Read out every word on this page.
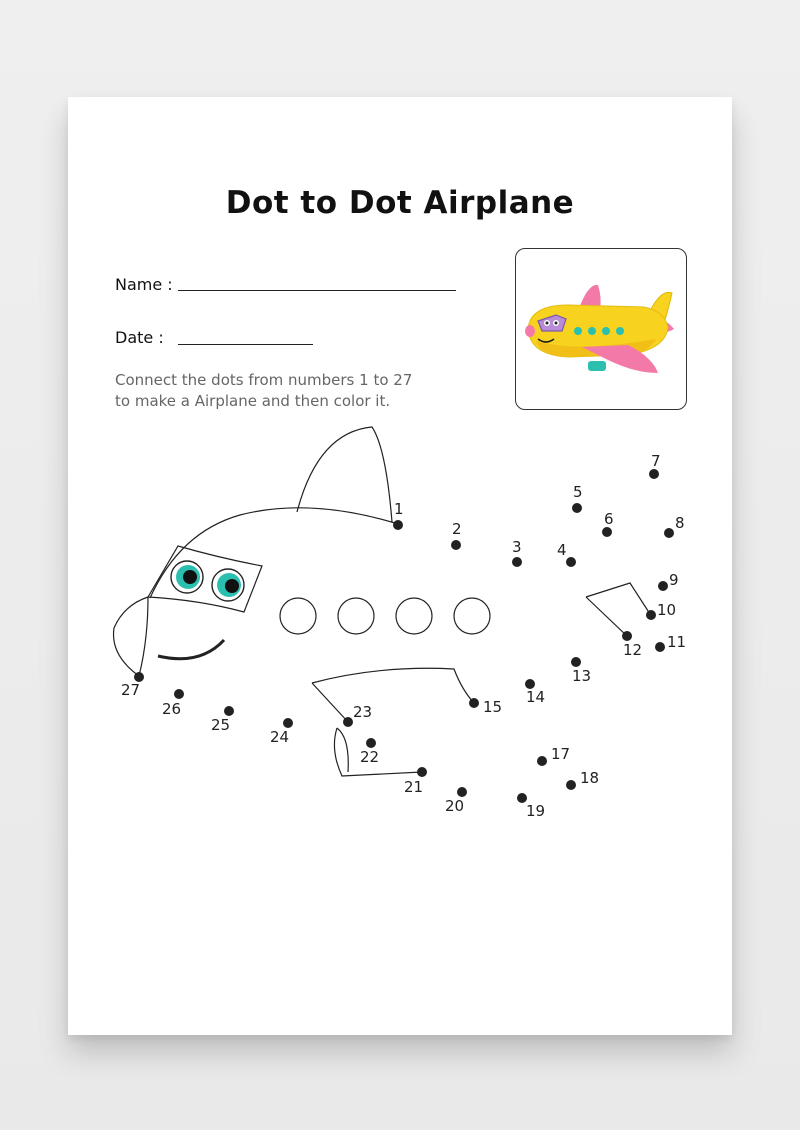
Dot to Dot Airplane
Name :
Date :
Connect the dots from numbers 1 to 27
to make a Airplane and then color it.
1
2
3 4
5
6
7
8
9
10
11
12
13
14
15
17
18
19
20
21
22
23
24
25
26
27
